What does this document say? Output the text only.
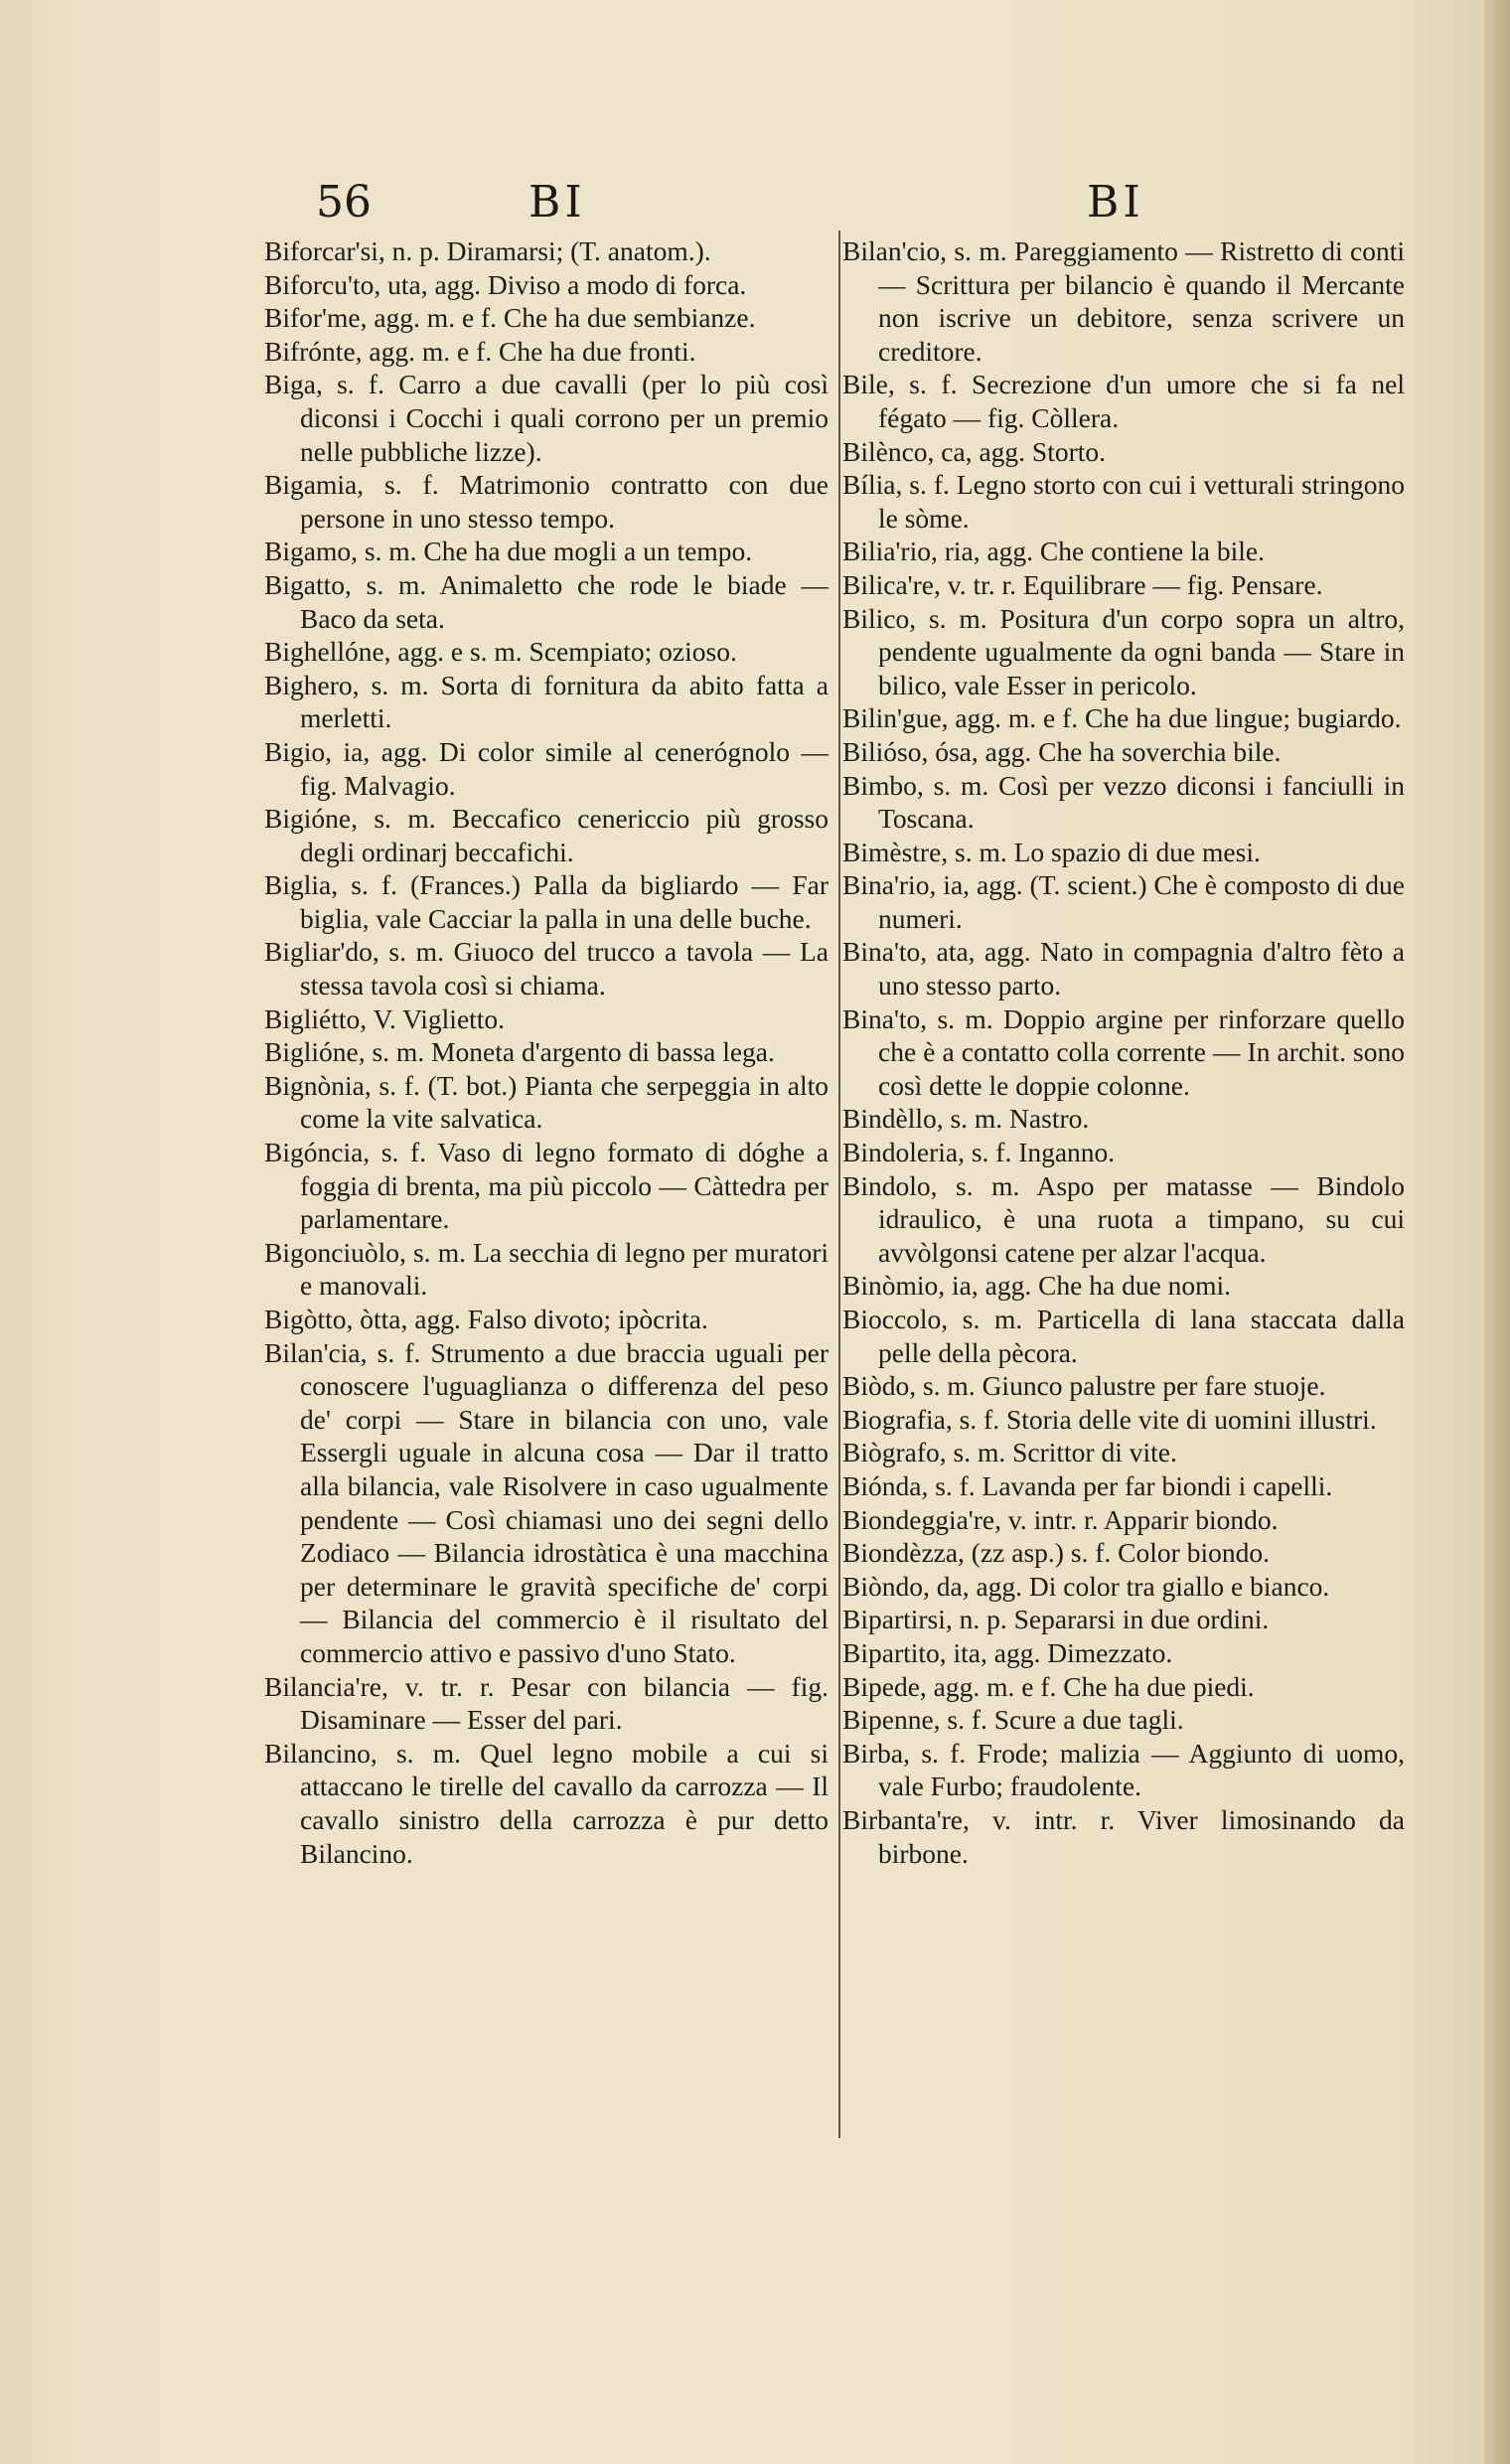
56	BI	BI

Biforcar'si, n. p. Diramarsi; (T. anatom.).

Biforcu'to, uta, agg. Diviso a modo di forca.

Bifor'me, agg. m. e f. Che ha due sembianze.

Bifrónte, agg. m. e f. Che ha due fronti.

Biga, s. f. Carro a due cavalli (per lo più così diconsi i Cocchi i quali corrono per un premio nelle pubbliche lizze).

Bigamia, s. f. Matrimonio contratto con due persone in uno stesso tempo.

Bigamo, s. m. Che ha due mogli a un tempo.

Bigatto, s. m. Animaletto che rode le biade — Baco da seta.

Bighellóne, agg. e s. m. Scempiato; ozioso.

Bighero, s. m. Sorta di fornitura da abito fatta a merletti.

Bigio, ia, agg. Di color simile al cenerógnolo — fig. Malvagio.

Bigióne, s. m. Beccafico cenericcio più grosso degli ordinarj beccafichi.

Biglia, s. f. (Frances.) Palla da bigliardo — Far biglia, vale Cacciar la palla in una delle buche.

Bigliar'do, s. m. Giuoco del trucco a tavola — La stessa tavola così si chiama.

Bigliétto, V. Viglietto.

Biglióne, s. m. Moneta d'argento di bassa lega.

Bignònia, s. f. (T. bot.) Pianta che serpeggia in alto come la vite salvatica.

Bigóncia, s. f. Vaso di legno formato di dóghe a foggia di brenta, ma più piccolo — Càttedra per parlamentare.

Bigonciuòlo, s. m. La secchia di legno per muratori e manovali.

Bigòtto, òtta, agg. Falso divoto; ipòcrita.

Bilan'cia, s. f. Strumento a due braccia uguali per conoscere l'uguaglianza o differenza del peso de' corpi — Stare in bilancia con uno, vale Essergli uguale in alcuna cosa — Dar il tratto alla bilancia, vale Risolvere in caso ugualmente pendente — Così chiamasi uno dei segni dello Zodiaco — Bilancia idrostàtica è una macchina per determinare le gravità specifiche de' corpi — Bilancia del commercio è il risultato del commercio attivo e passivo d'uno Stato.

Bilancia're, v. tr. r. Pesar con bilancia — fig. Disaminare — Esser del pari.

Bilancino, s. m. Quel legno mobile a cui si attaccano le tirelle del cavallo da carrozza — Il cavallo sinistro della carrozza è pur detto Bilancino.

Bilan'cio, s. m. Pareggiamento — Ristretto di conti — Scrittura per bilancio è quando il Mercante non iscrive un debitore, senza scrivere un creditore.

Bile, s. f. Secrezione d'un umore che si fa nel fégato — fig. Còllera.

Bilènco, ca, agg. Storto.

Bília, s. f. Legno storto con cui i vetturali stringono le sòme.

Bilia'rio, ria, agg. Che contiene la bile.

Bilica're, v. tr. r. Equilibrare — fig. Pensare.

Bilico, s. m. Positura d'un corpo sopra un altro, pendente ugualmente da ogni banda — Stare in bilico, vale Esser in pericolo.

Bilin'gue, agg. m. e f. Che ha due lingue; bugiardo.

Bilióso, ósa, agg. Che ha soverchia bile.

Bimbo, s. m. Così per vezzo diconsi i fanciulli in Toscana.

Bimèstre, s. m. Lo spazio di due mesi.

Bina'rio, ia, agg. (T. scient.) Che è composto di due numeri.

Bina'to, ata, agg. Nato in compagnia d'altro fèto a uno stesso parto.

Bina'to, s. m. Doppio argine per rinforzare quello che è a contatto colla corrente — In archit. sono così dette le doppie colonne.

Bindèllo, s. m. Nastro.

Bindoleria, s. f. Inganno.

Bindolo, s. m. Aspo per matasse — Bindolo idraulico, è una ruota a timpano, su cui avvòlgonsi catene per alzar l'acqua.

Binòmio, ia, agg. Che ha due nomi.

Bioccolo, s. m. Particella di lana staccata dalla pelle della pècora.

Biòdo, s. m. Giunco palustre per fare stuoje.

Biografia, s. f. Storia delle vite di uomini illustri.

Biògrafo, s. m. Scrittor di vite.

Biónda, s. f. Lavanda per far biondi i capelli.

Biondeggia're, v. intr. r. Apparir biondo.

Biondèzza, (zz asp.) s. f. Color biondo.

Biòndo, da, agg. Di color tra giallo e bianco.

Bipartirsi, n. p. Separarsi in due ordini.

Bipartito, ita, agg. Dimezzato.

Bipede, agg. m. e f. Che ha due piedi.

Bipenne, s. f. Scure a due tagli.

Birba, s. f. Frode; malizia — Aggiunto di uomo, vale Furbo; fraudolente.

Birbanta're, v. intr. r. Viver limosinando da birbone.
